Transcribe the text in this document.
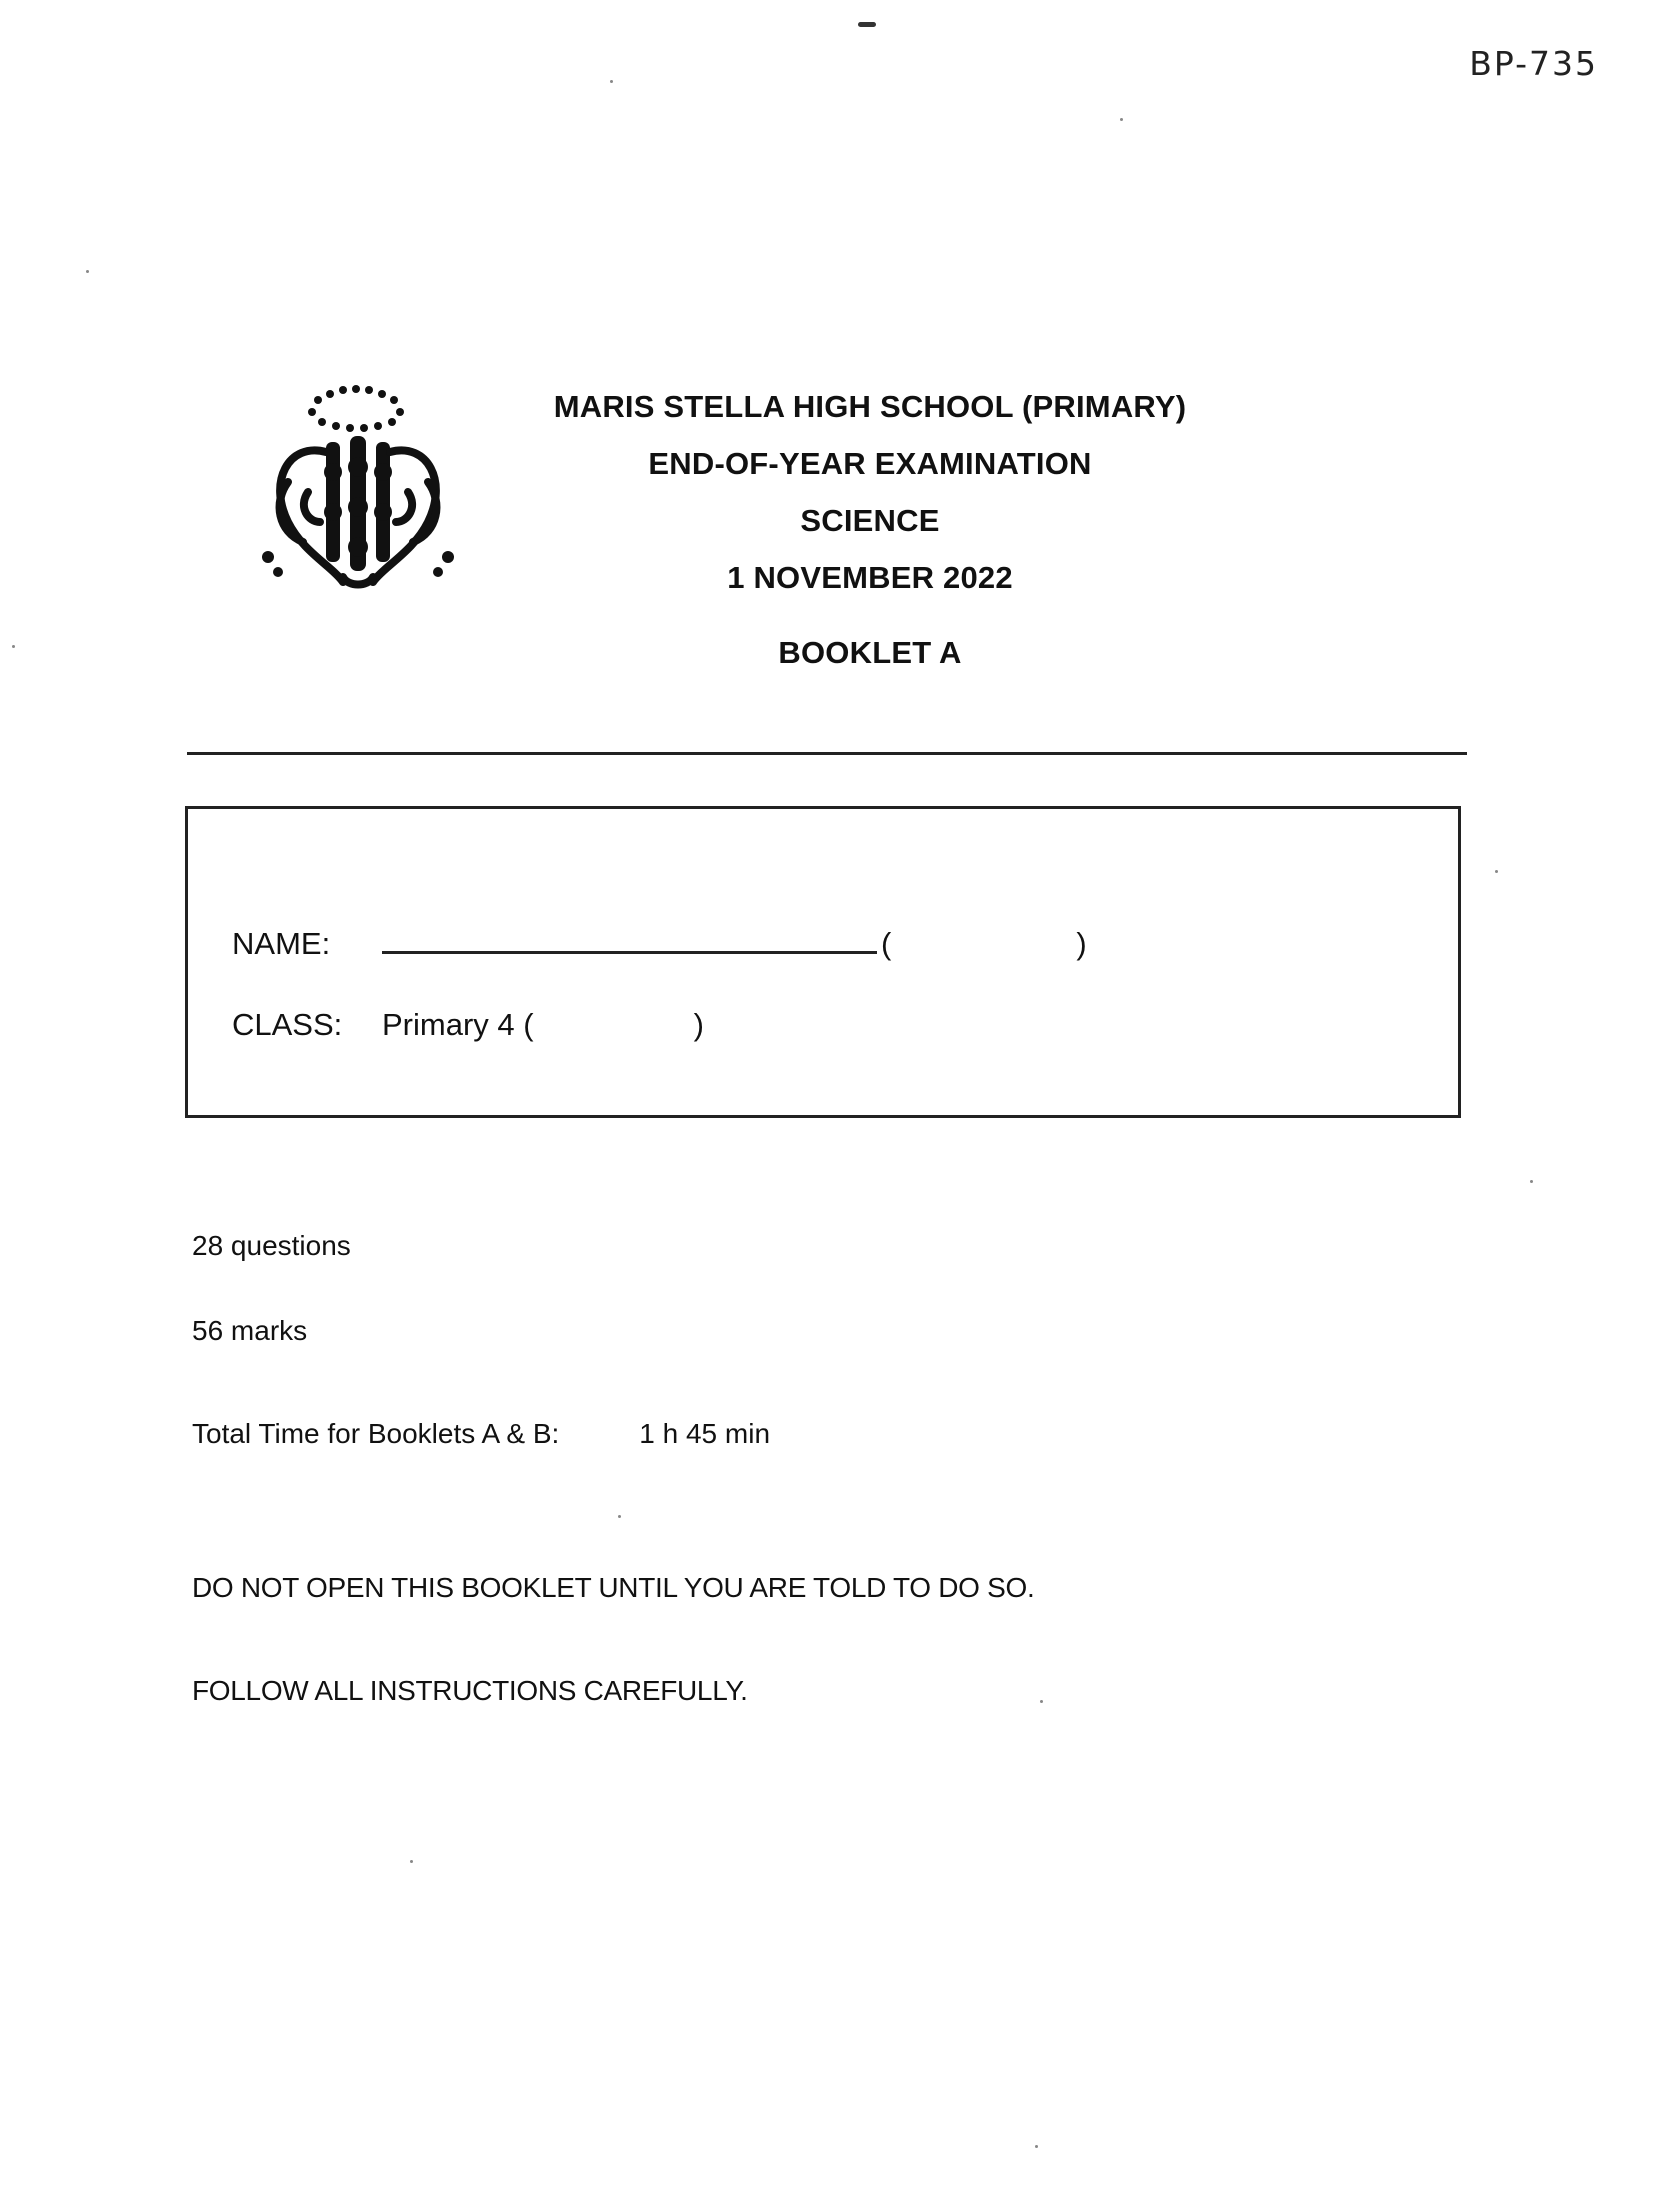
BP-735
MARIS STELLA HIGH SCHOOL (PRIMARY)
END-OF-YEAR EXAMINATION
SCIENCE
1 NOVEMBER 2022
BOOKLET A
NAME:	(	)
CLASS:	Primary 4 (	)
28 questions
56 marks
Total Time for Booklets A & B:	1 h 45 min
DO NOT OPEN THIS BOOKLET UNTIL YOU ARE TOLD TO DO SO.
FOLLOW ALL INSTRUCTIONS CAREFULLY.
